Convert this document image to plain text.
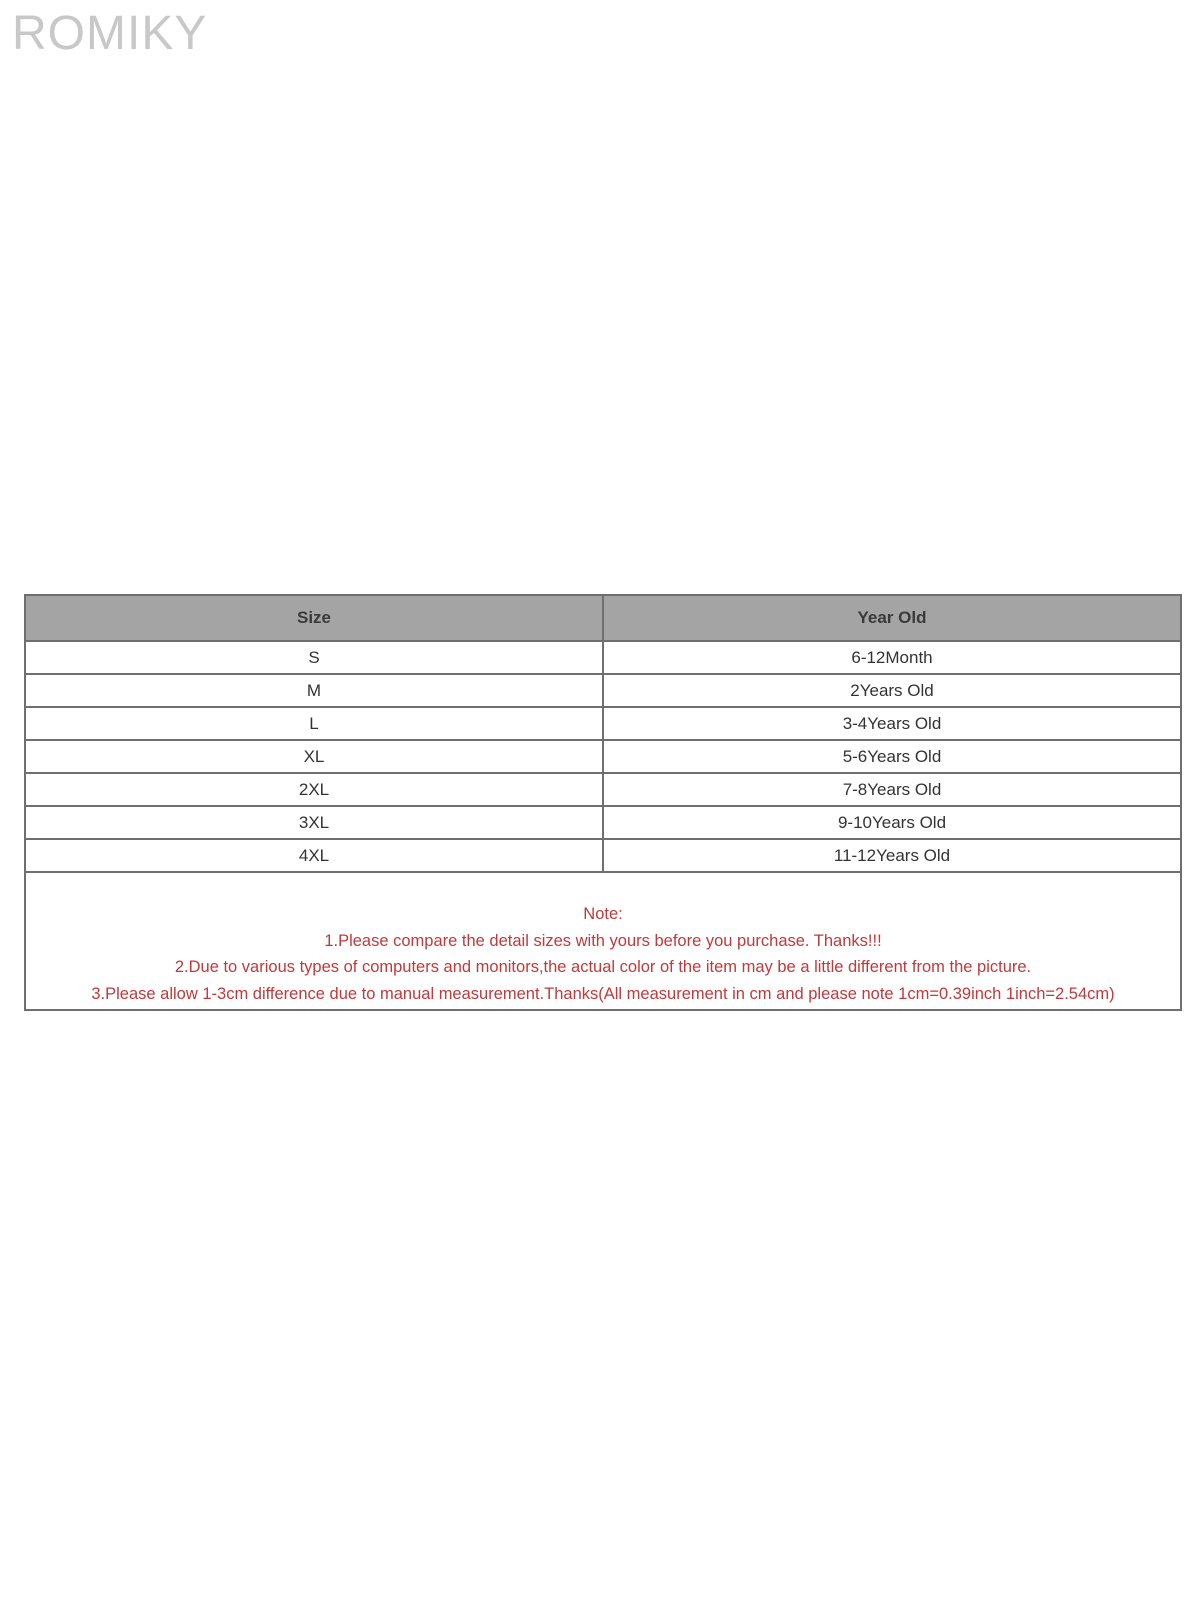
ROMIKY
Size	Year Old
S	6-12Month
M	2Years Old
L	3-4Years Old
XL	5-6Years Old
2XL	7-8Years Old
3XL	9-10Years Old
4XL	11-12Years Old
Note:
1.Please compare the detail sizes with yours before you purchase. Thanks!!!
2.Due to various types of computers and monitors,the actual color of the item may be a little different from the picture.
3.Please allow 1-3cm difference due to manual measurement.Thanks(All measurement in cm and please note 1cm=0.39inch 1inch=2.54cm)
